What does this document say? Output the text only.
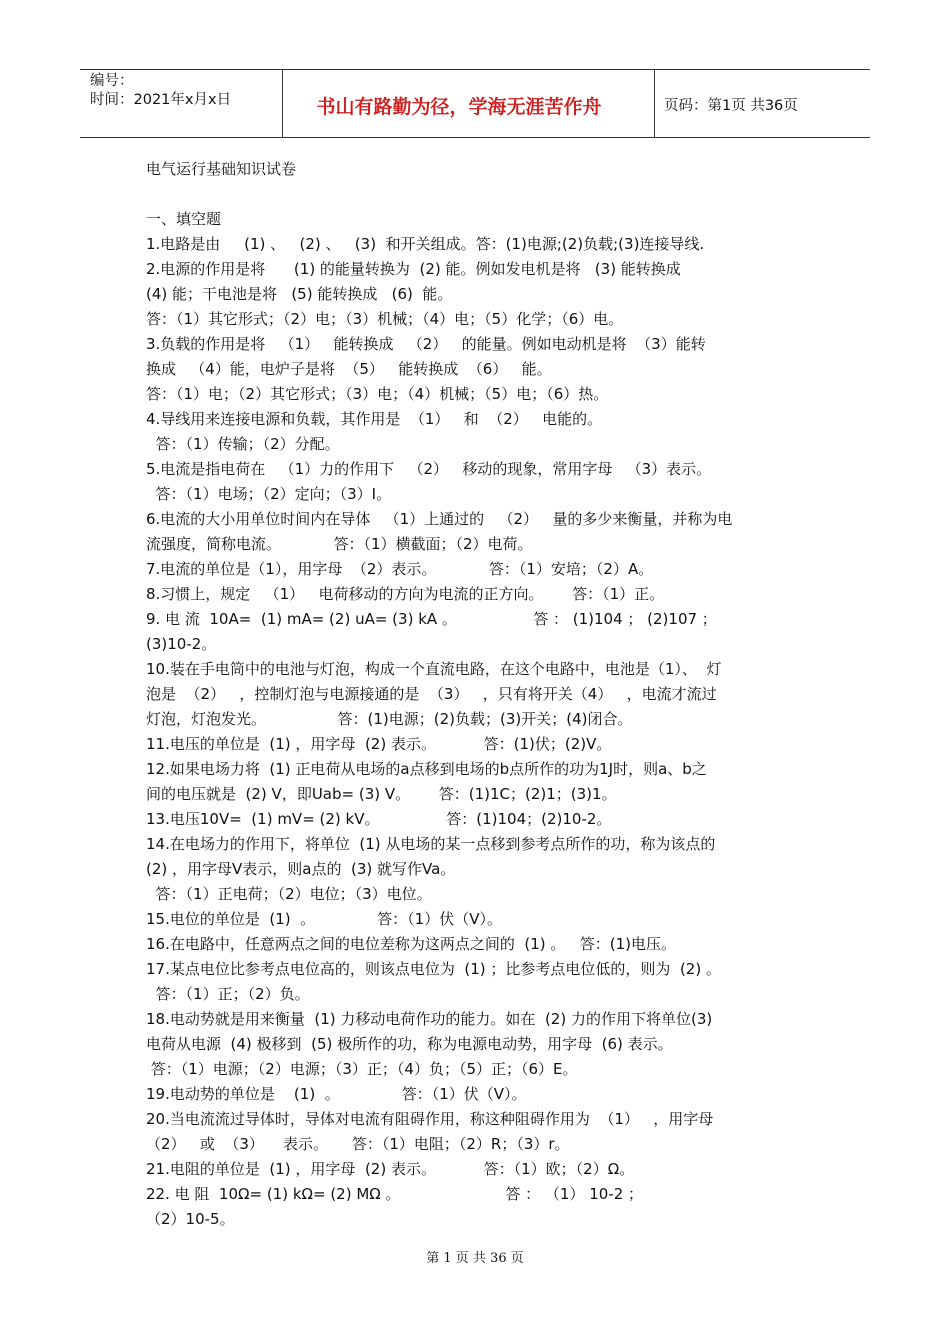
编号：
时间：2021年x月x日	书山有路勤为径，学海无涯苦作舟	页码：第1页 共36页
电气运行基础知识试卷
一、填空题
1.电路是由     (1) 、   (2) 、   (3)  和开关组成。答：(1)电源;(2)负载;(3)连接导线.
2.电源的作用是将      (1) 的能量转换为  (2) 能。例如发电机是将   (3) 能转换成
(4) 能；干电池是将   (5) 能转换成   (6)  能。
答：（1）其它形式；（2）电；（3）机械；（4）电；（5）化学；（6）电。
3.负载的作用是将   （1）   能转换成   （2）   的能量。例如电动机是将  （3）能转
换成   （4）能，电炉子是将  （5）   能转换成  （6）   能。
答：（1）电；（2）其它形式；（3）电；（4）机械；（5）电；（6）热。
4.导线用来连接电源和负载，其作用是  （1）   和  （2）   电能的。
答：（1）传输；（2）分配。
5.电流是指电荷在   （1）力的作用下   （2）   移动的现象，常用字母   （3）表示。
答：（1）电场；（2）定向；（3）I。
6.电流的大小用单位时间内在导体   （1）上通过的   （2）   量的多少来衡量，并称为电
流强度，简称电流。           答：（1）横截面；（2）电荷。
7.电流的单位是（1），用字母  （2）表示。           答：（1）安培；（2）A。
8.习惯上，规定   （1）   电荷移动的方向为电流的正方向。      答：（1）正。
9. 电 流  10A=  (1) mA= (2) uA= (3) kA 。                答 ： (1)104 ； (2)107 ；
(3)10-2。
10.装在手电筒中的电池与灯泡，构成一个直流电路，在这个电路中，电池是（1）、  灯
泡是  （2）   ，控制灯泡与电源接通的是  （3）   ，只有将开关（4）   ，电流才流过
灯泡，灯泡发光。               答：(1)电源；(2)负载；(3)开关；(4)闭合。
11.电压的单位是  (1) ，用字母  (2) 表示。          答：(1)伏；(2)V。
12.如果电场力将  (1) 正电荷从电场的a点移到电场的b点所作的功为1J时，则a、b之
间的电压就是  (2) V，即Uab= (3) V。      答：(1)1C；(2)1；(3)1。
13.电压10V=  (1) mV= (2) kV。              答：(1)104；(2)10-2。
14.在电场力的作用下，将单位  (1) 从电场的某一点移到参考点所作的功，称为该点的
(2) ，用字母V表示，则a点的  (3) 就写作Va。
答：（1）正电荷；（2）电位；（3）电位。
15.电位的单位是  (1)  。             答：（1）伏（V）。
16.在电路中，任意两点之间的电位差称为这两点之间的  (1) 。   答：(1)电压。
17.某点电位比参考点电位高的，则该点电位为  (1) ；比参考点电位低的，则为  (2) 。
答：（1）正；（2）负。
18.电动势就是用来衡量  (1) 力移动电荷作功的能力。如在  (2) 力的作用下将单位(3)
电荷从电源  (4) 极移到  (5) 极所作的功，称为电源电动势，用字母  (6) 表示。
答：（1）电源；（2）电源；（3）正；（4）负；（5）正；（6）E。
19.电动势的单位是    (1)  。             答：（1）伏（V）。
20.当电流流过导体时，导体对电流有阻碍作用，称这种阻碍作用为  （1）   ，用字母
（2）   或  （3）    表示。     答：（1）电阻；（2）R；（3）r。
21.电阻的单位是  (1) ，用字母  (2) 表示。          答：（1）欧；（2）Ω。
22. 电 阻  10Ω= (1) kΩ= (2) MΩ 。                      答 ： （1） 10-2 ；
（2）10-5。
第 1 页 共 36 页
